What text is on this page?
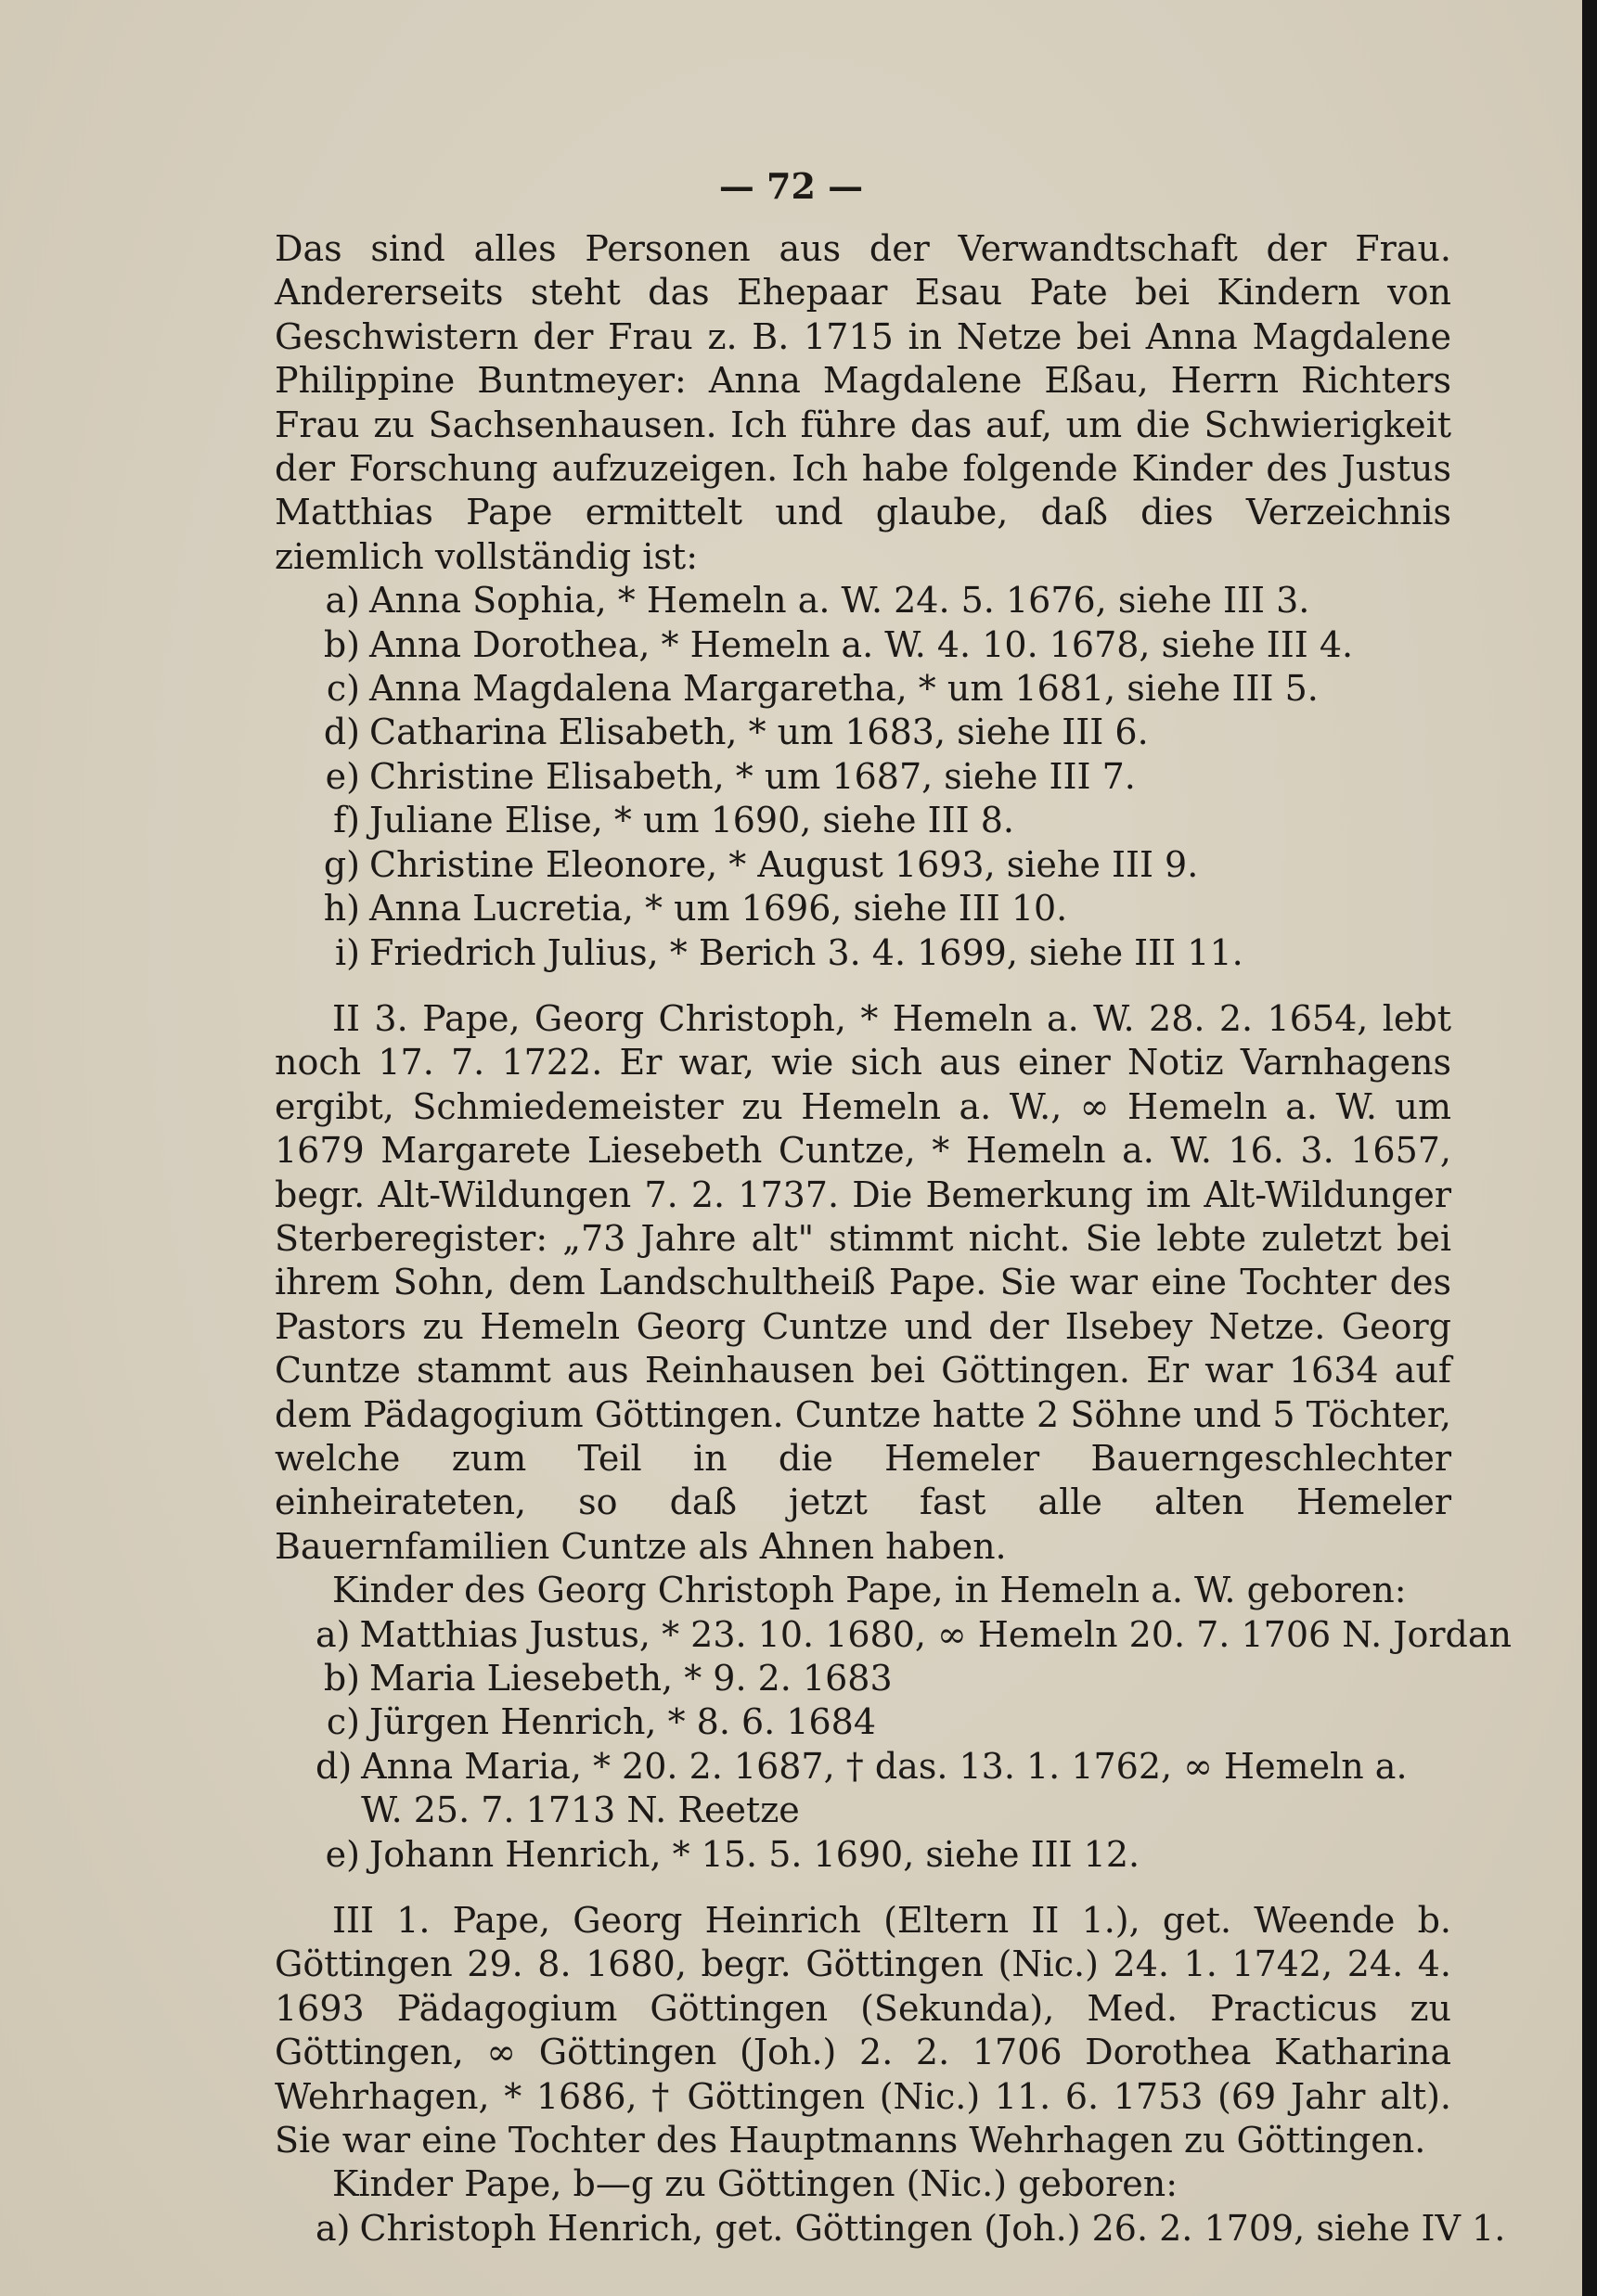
— 72 —

Das sind alles Personen aus der Verwandtschaft der Frau. Andererseits steht das Ehepaar Esau Pate bei Kindern von Geschwistern der Frau z. B. 1715 in Netze bei Anna Magdalene Philippine Buntmeyer: Anna Magdalene Eßau, Herrn Richters Frau zu Sachsenhausen. Ich führe das auf, um die Schwierigkeit der Forschung aufzuzeigen. Ich habe folgende Kinder des Justus Matthias Pape ermittelt und glaube, daß dies Verzeichnis ziemlich vollständig ist:

a) Anna Sophia, * Hemeln a. W. 24. 5. 1676, siehe III 3.
b) Anna Dorothea, * Hemeln a. W. 4. 10. 1678, siehe III 4.
c) Anna Magdalena Margaretha, * um 1681, siehe III 5.
d) Catharina Elisabeth, * um 1683, siehe III 6.
e) Christine Elisabeth, * um 1687, siehe III 7.
f) Juliane Elise, * um 1690, siehe III 8.
g) Christine Eleonore, * August 1693, siehe III 9.
h) Anna Lucretia, * um 1696, siehe III 10.
i) Friedrich Julius, * Berich 3. 4. 1699, siehe III 11.

II 3. Pape, Georg Christoph, * Hemeln a. W. 28. 2. 1654, lebt noch 17. 7. 1722. Er war, wie sich aus einer Notiz Varnhagens ergibt, Schmiedemeister zu Hemeln a. W., ∞ Hemeln a. W. um 1679 Margarete Liesebeth Cuntze, * Hemeln a. W. 16. 3. 1657, begr. Alt-Wildungen 7. 2. 1737. Die Bemerkung im Alt-Wildunger Sterberegister: „73 Jahre alt" stimmt nicht. Sie lebte zuletzt bei ihrem Sohn, dem Landschultheiß Pape. Sie war eine Tochter des Pastors zu Hemeln Georg Cuntze und der Ilsebey Netze. Georg Cuntze stammt aus Reinhausen bei Göttingen. Er war 1634 auf dem Pädagogium Göttingen. Cuntze hatte 2 Söhne und 5 Töchter, welche zum Teil in die Hemeler Bauerngeschlechter einheirateten, so daß jetzt fast alle alten Hemeler Bauernfamilien Cuntze als Ahnen haben.

Kinder des Georg Christoph Pape, in Hemeln a. W. geboren:

a) Matthias Justus, * 23. 10. 1680, ∞ Hemeln 20. 7. 1706 N. Jordan
b) Maria Liesebeth, * 9. 2. 1683
c) Jürgen Henrich, * 8. 6. 1684
d) Anna Maria, * 20. 2. 1687, † das. 13. 1. 1762, ∞ Hemeln a. W. 25. 7. 1713 N. Reetze
e) Johann Henrich, * 15. 5. 1690, siehe III 12.

III 1. Pape, Georg Heinrich (Eltern II 1.), get. Weende b. Göttingen 29. 8. 1680, begr. Göttingen (Nic.) 24. 1. 1742, 24. 4. 1693 Pädagogium Göttingen (Sekunda), Med. Practicus zu Göttingen, ∞ Göttingen (Joh.) 2. 2. 1706 Dorothea Katharina Wehrhagen, * 1686, † Göttingen (Nic.) 11. 6. 1753 (69 Jahr alt). Sie war eine Tochter des Hauptmanns Wehrhagen zu Göttingen.

Kinder Pape, b—g zu Göttingen (Nic.) geboren:

a) Christoph Henrich, get. Göttingen (Joh.) 26. 2. 1709, siehe IV 1.
